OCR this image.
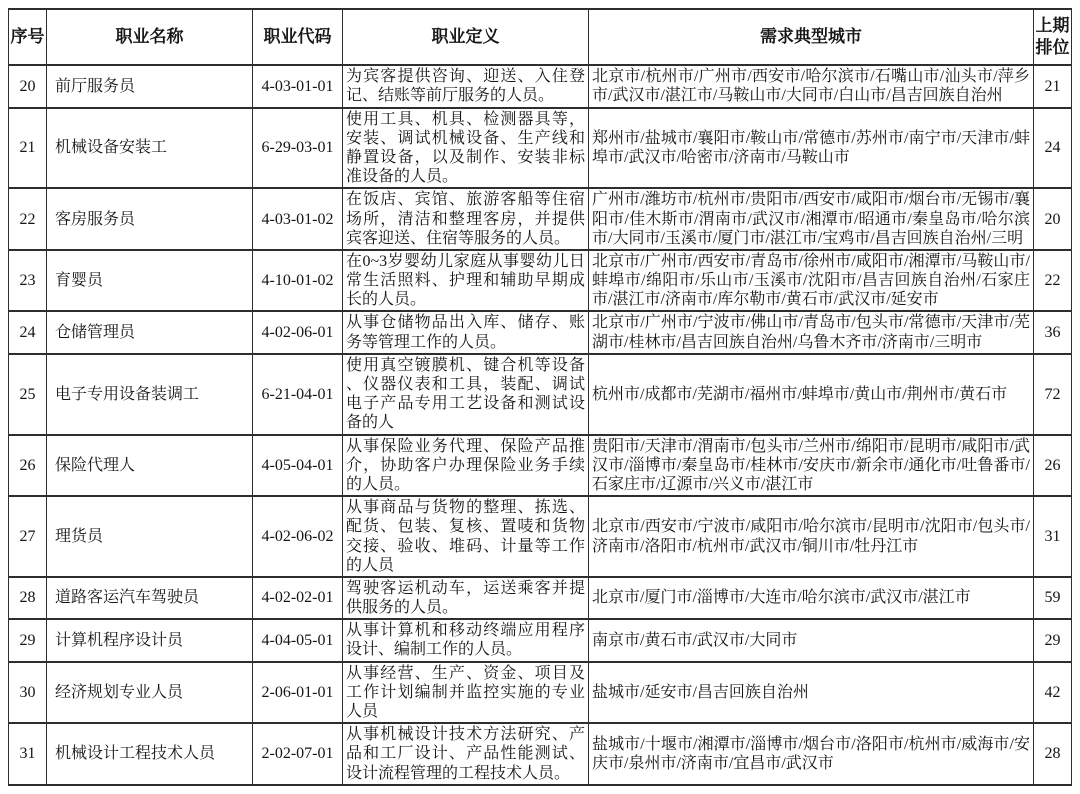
序号	职业名称	职业代码	职业定义	需求典型城市	上期排位
20	前厅服务员	4-03-01-01	为宾客提供咨询、迎送、入住登记、结账等前厅服务的人员。	北京市/杭州市/广州市/西安市/哈尔滨市/石嘴山市/汕头市/萍乡市/武汉市/湛江市/马鞍山市/大同市/白山市/昌吉回族自治州	21
21	机械设备安装工	6-29-03-01	使用工具、机具、检测器具等，安装、调试机械设备、生产线和静置设备，以及制作、安装非标准设备的人员。	郑州市/盐城市/襄阳市/鞍山市/常德市/苏州市/南宁市/天津市/蚌埠市/武汉市/哈密市/济南市/马鞍山市	24
22	客房服务员	4-03-01-02	在饭店、宾馆、旅游客船等住宿场所，清洁和整理客房，并提供宾客迎送、住宿等服务的人员。	广州市/潍坊市/杭州市/贵阳市/西安市/咸阳市/烟台市/无锡市/襄阳市/佳木斯市/渭南市/武汉市/湘潭市/昭通市/秦皇岛市/哈尔滨市/大同市/玉溪市/厦门市/湛江市/宝鸡市/昌吉回族自治州/三明	20
23	育婴员	4-10-01-02	在0~3岁婴幼儿家庭从事婴幼儿日常生活照料、护理和辅助早期成长的人员。	北京市/广州市/西安市/青岛市/徐州市/咸阳市/湘潭市/马鞍山市/蚌埠市/绵阳市/乐山市/玉溪市/沈阳市/昌吉回族自治州/石家庄市/湛江市/济南市/库尔勒市/黄石市/武汉市/延安市	22
24	仓储管理员	4-02-06-01	从事仓储物品出入库、储存、账务等管理工作的人员。	北京市/广州市/宁波市/佛山市/青岛市/包头市/常德市/天津市/芜湖市/桂林市/昌吉回族自治州/乌鲁木齐市/济南市/三明市	36
25	电子专用设备装调工	6-21-04-01	使用真空镀膜机、键合机等设备、仪器仪表和工具，装配、调试电子产品专用工艺设备和测试设备的人	杭州市/成都市/芜湖市/福州市/蚌埠市/黄山市/荆州市/黄石市	72
26	保险代理人	4-05-04-01	从事保险业务代理、保险产品推介，协助客户办理保险业务手续的人员。	贵阳市/天津市/渭南市/包头市/兰州市/绵阳市/昆明市/咸阳市/武汉市/淄博市/秦皇岛市/桂林市/安庆市/新余市/通化市/吐鲁番市/石家庄市/辽源市/兴义市/湛江市	26
27	理货员	4-02-06-02	从事商品与货物的整理、拣选、配货、包装、复核、置唛和货物交接、验收、堆码、计量等工作的人员	北京市/西安市/宁波市/咸阳市/哈尔滨市/昆明市/沈阳市/包头市/济南市/洛阳市/杭州市/武汉市/铜川市/牡丹江市	31
28	道路客运汽车驾驶员	4-02-02-01	驾驶客运机动车，运送乘客并提供服务的人员。	北京市/厦门市/淄博市/大连市/哈尔滨市/武汉市/湛江市	59
29	计算机程序设计员	4-04-05-01	从事计算机和移动终端应用程序设计、编制工作的人员。	南京市/黄石市/武汉市/大同市	29
30	经济规划专业人员	2-06-01-01	从事经营、生产、资金、项目及工作计划编制并监控实施的专业人员	盐城市/延安市/昌吉回族自治州	42
31	机械设计工程技术人员	2-02-07-01	从事机械设计技术方法研究、产品和工厂设计、产品性能测试、设计流程管理的工程技术人员。	盐城市/十堰市/湘潭市/淄博市/烟台市/洛阳市/杭州市/威海市/安庆市/泉州市/济南市/宜昌市/武汉市	28
